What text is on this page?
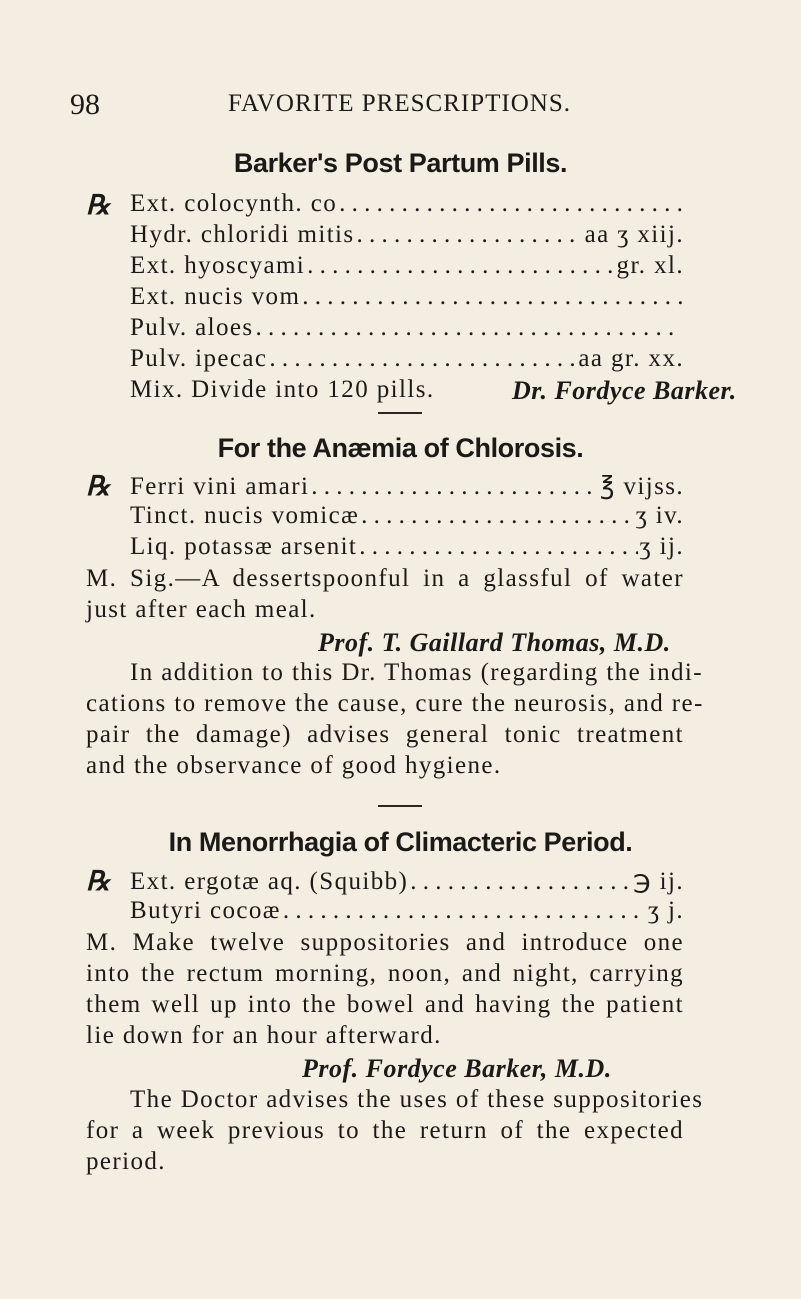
98	FAVORITE PRESCRIPTIONS.
Barker's Post Partum Pills.
℞ Ext. colocynth. co
. . .
Hydr. chloridi mitis . . .	aa ʒ xiij.
Ext. hyoscyami . . .	gr. xl.
Ext. nucis vom
. . .
Pulv. aloes
. . .
Pulv. ipecac . . .	aa gr. xx.
Mix. Divide into 120 pills.	Dr. Fordyce Barker.
For the Anæmia of Chlorosis.
℞ Ferri vini amari . . .	℥ vijss.
Tinct. nucis vomicæ . . .	ʒ iv.
Liq. potassæ arsenit . . .	ʒ ij.
M. Sig.—A dessertspoonful in a glassful of water
just after each meal.
Prof. T. Gaillard Thomas, M.D.
In addition to this Dr. Thomas (regarding the indi-
cations to remove the cause, cure the neurosis, and re-
pair the damage) advises general tonic treatment
and the observance of good hygiene.
In Menorrhagia of Climacteric Period.
℞ Ext. ergotæ aq. (Squibb) . . .	℈ ij.
Butyri cocoæ . . .	ʒ j.
M. Make twelve suppositories and introduce one
into the rectum morning, noon, and night, carrying
them well up into the bowel and having the patient
lie down for an hour afterward.
Prof. Fordyce Barker, M.D.
The Doctor advises the uses of these suppositories
for a week previous to the return of the expected
period.
